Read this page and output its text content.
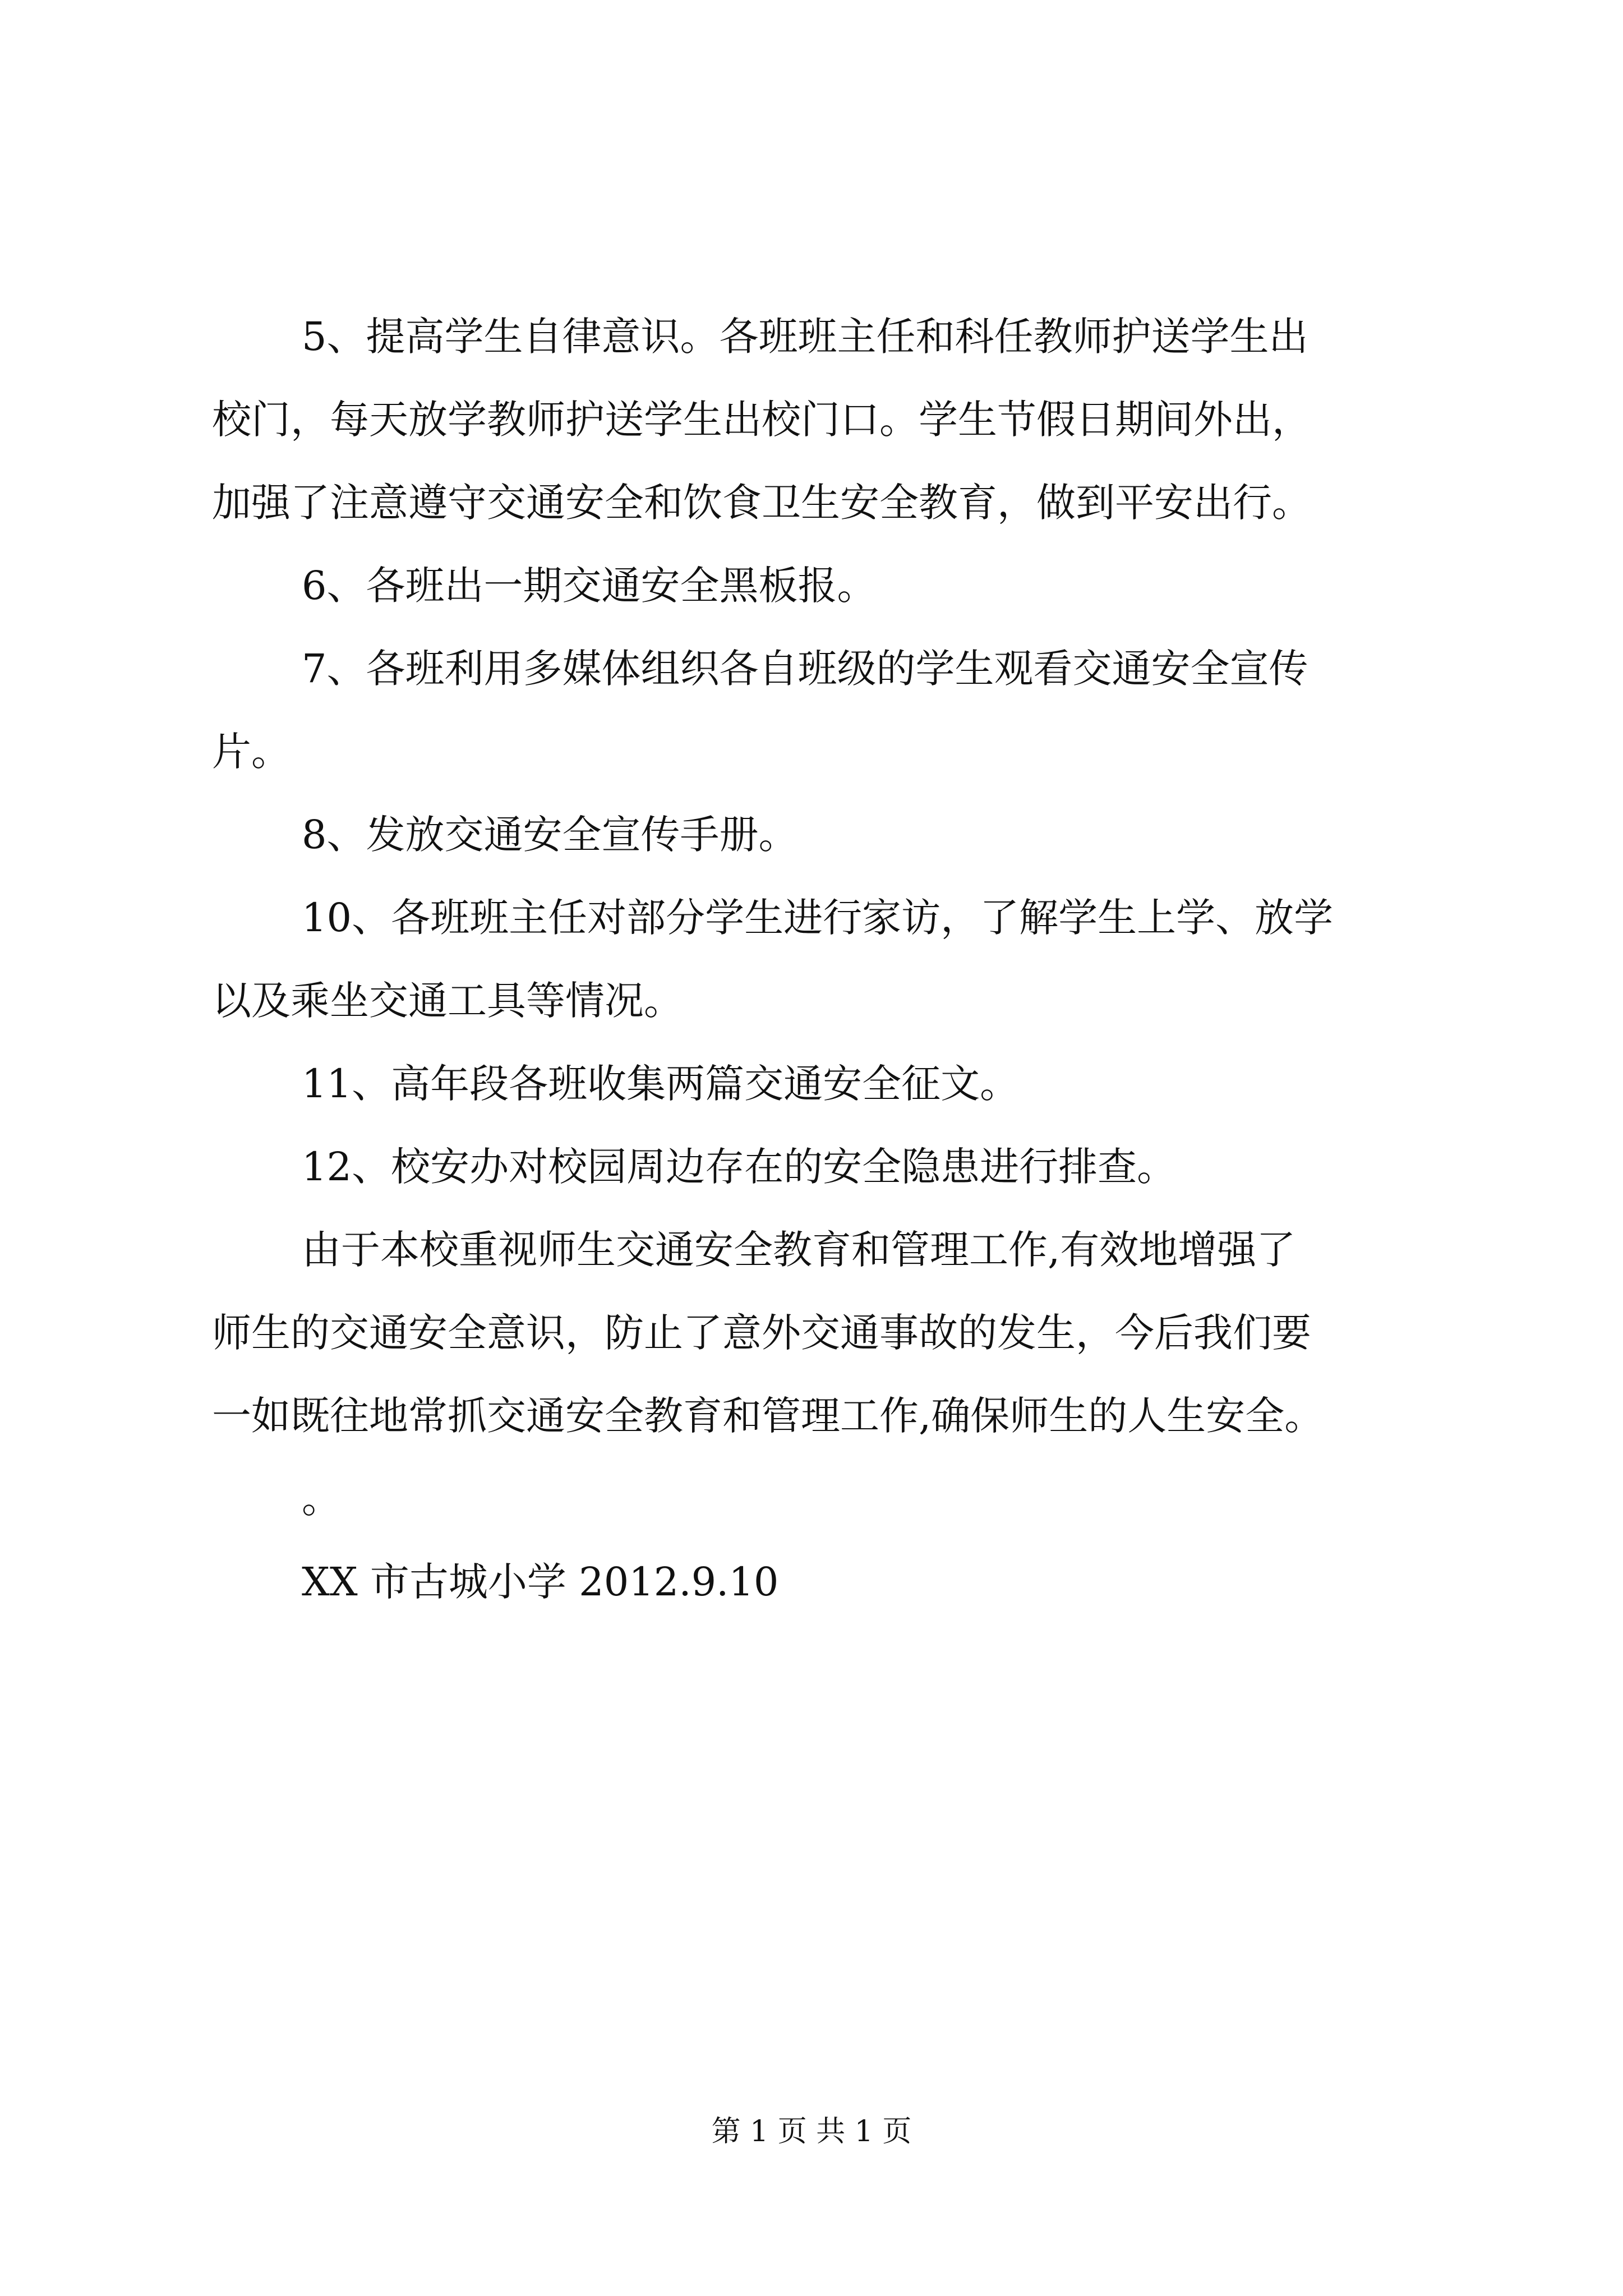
5、提高学生自律意识。各班班主任和科任教师护送学生出
校门，每天放学教师护送学生出校门口。学生节假日期间外出，
加强了注意遵守交通安全和饮食卫生安全教育，做到平安出行。
6、各班出一期交通安全黑板报。
7、各班利用多媒体组织各自班级的学生观看交通安全宣传
片。
8、发放交通安全宣传手册。
10、各班班主任对部分学生进行家访，了解学生上学、放学
以及乘坐交通工具等情况。
11、高年段各班收集两篇交通安全征文。
12、校安办对校园周边存在的安全隐患进行排查。
由于本校重视师生交通安全教育和管理工作,有效地增强了
师生的交通安全意识，防止了意外交通事故的发生，今后我们要
一如既往地常抓交通安全教育和管理工作,确保师生的人生安全。
。
XX 市古城小学 2012.9.10
第 1 页 共 1 页
